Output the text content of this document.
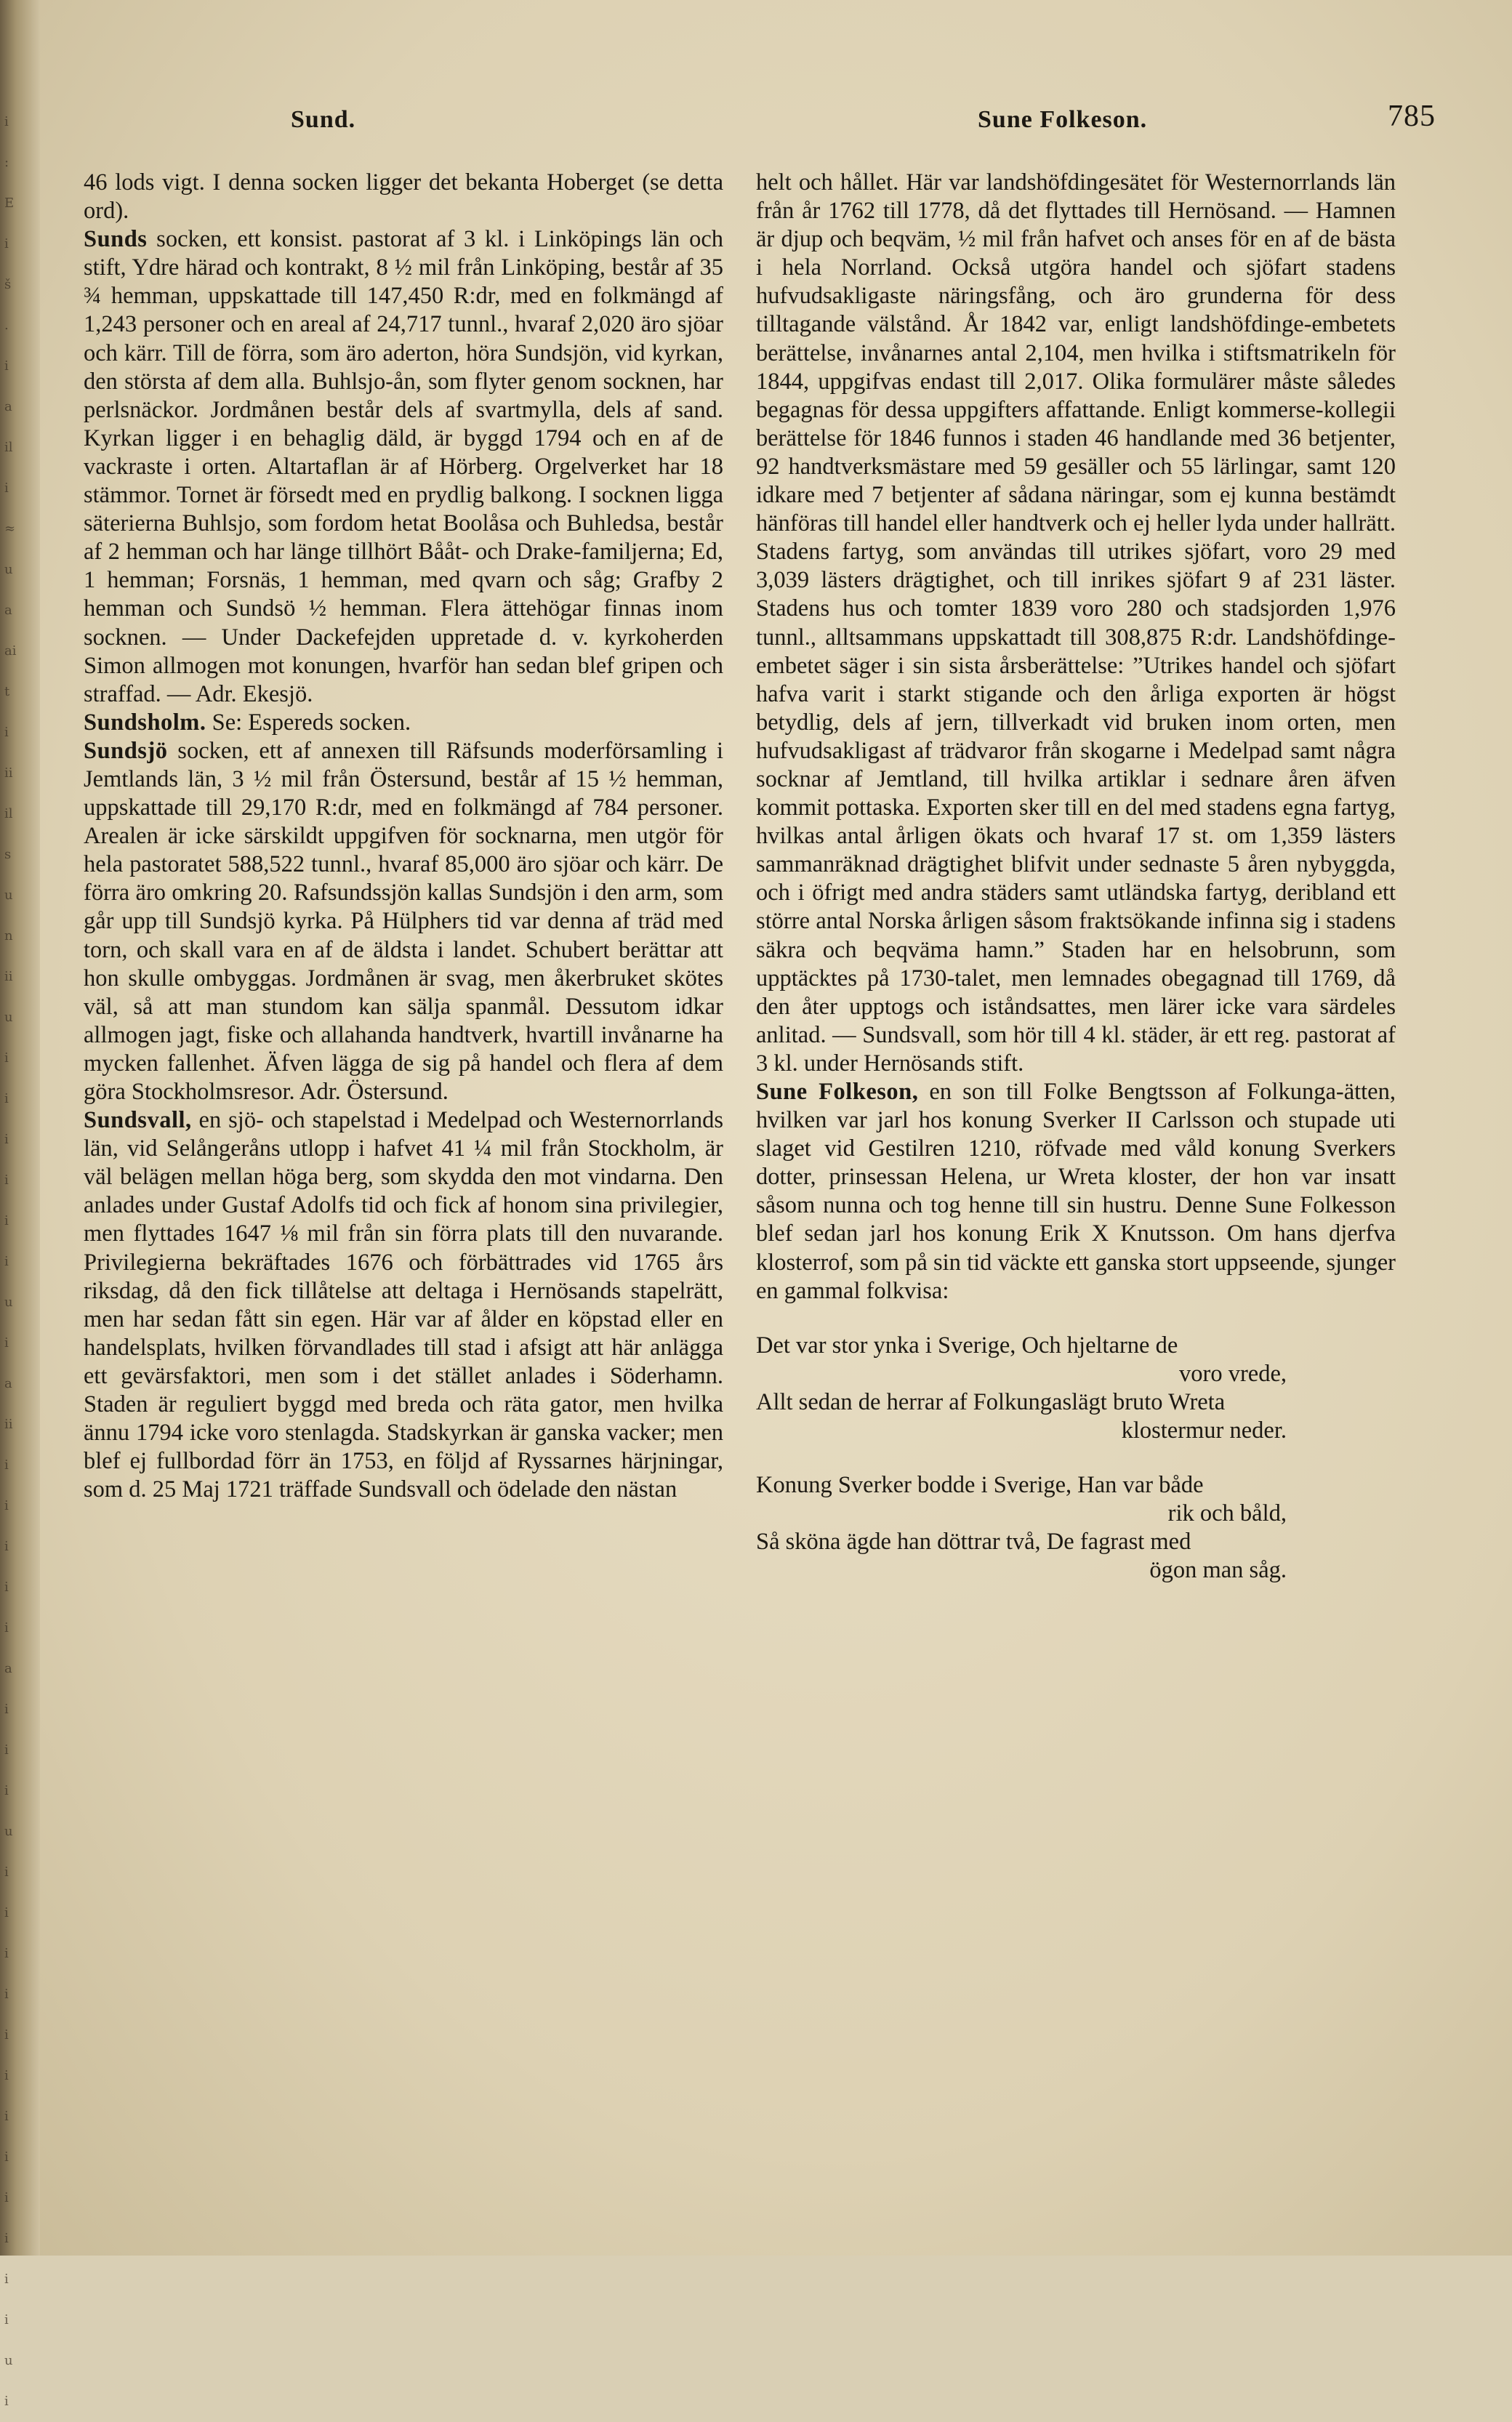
i
:
E
i
š
.
i
a
il
i
≈
u
a
ai
t
i
ii
il
s
u
n
ii
u
i
i
i
i
i
i
u
i
a
ii
i
i
i
i
i
a
i
i
i
u
i
i
i
i
i
i
i
i
i
i
i
i
u
i
Sund.	Sune Folkeson.	785

46 lods vigt. I denna socken ligger det bekanta Hoberget (se detta ord).

Sunds socken, ett konsist. pastorat af 3 kl. i Linköpings län och stift, Ydre härad och kontrakt, 8 ½ mil från Linköping, består af 35 ¾ hemman, uppskattade till 147,450 R:dr, med en folkmängd af 1,243 personer och en areal af 24,717 tunnl., hvaraf 2,020 äro sjöar och kärr. Till de förra, som äro aderton, höra Sundsjön, vid kyrkan, den största af dem alla. Buhlsjo-ån, som flyter genom socknen, har perlsnäckor. Jordmånen består dels af svartmylla, dels af sand. Kyrkan ligger i en behaglig däld, är byggd 1794 och en af de vackraste i orten. Altartaflan är af Hörberg. Orgelverket har 18 stämmor. Tornet är försedt med en prydlig balkong. I socknen ligga säterierna Buhlsjo, som fordom hetat Boolåsa och Buhledsa, består af 2 hemman och har länge tillhört Bååt- och Drake-familjerna; Ed, 1 hemman; Forsnäs, 1 hemman, med qvarn och såg; Grafby 2 hemman och Sundsö ½ hemman. Flera ättehögar finnas inom socknen. — Under Dackefejden uppretade d. v. kyrkoherden Simon allmogen mot konungen, hvarför han sedan blef gripen och straffad. — Adr. Ekesjö.

Sundsholm. Se: Espereds socken.

Sundsjö socken, ett af annexen till Räfsunds moderförsamling i Jemtlands län, 3 ½ mil från Östersund, består af 15 ½ hemman, uppskattade till 29,170 R:dr, med en folkmängd af 784 personer. Arealen är icke särskildt uppgifven för socknarna, men utgör för hela pastoratet 588,522 tunnl., hvaraf 85,000 äro sjöar och kärr. De förra äro omkring 20. Rafsundssjön kallas Sundsjön i den arm, som går upp till Sundsjö kyrka. På Hülphers tid var denna af träd med torn, och skall vara en af de äldsta i landet. Schubert berättar att hon skulle ombyggas. Jordmånen är svag, men åkerbruket skötes väl, så att man stundom kan sälja spanmål. Dessutom idkar allmogen jagt, fiske och allahanda handtverk, hvartill invånarne ha mycken fallenhet. Äfven lägga de sig på handel och flera af dem göra Stockholmsresor. Adr. Östersund.

Sundsvall, en sjö- och stapelstad i Medelpad och Westernorrlands län, vid Selångeråns utlopp i hafvet 41 ¼ mil från Stockholm, är väl belägen mellan höga berg, som skydda den mot vindarna. Den anlades under Gustaf Adolfs tid och fick af honom sina privilegier, men flyttades 1647 ⅛ mil från sin förra plats till den nuvarande. Privilegierna bekräftades 1676 och förbättrades vid 1765 års riksdag, då den fick tillåtelse att deltaga i Hernösands stapelrätt, men har sedan fått sin egen. Här var af ålder en köpstad eller en handelsplats, hvilken förvandlades till stad i afsigt att här anlägga ett gevärsfaktori, men som i det stället anlades i Söderhamn. Staden är reguliert byggd med breda och räta gator, men hvilka ännu 1794 icke voro stenlagda. Stadskyrkan är ganska vacker; men blef ej fullbordad förr än 1753, en följd af Ryssarnes härjningar, som d. 25 Maj 1721 träffade Sundsvall och ödelade den nästan

helt och hållet. Här var landshöfdingesätet för Westernorrlands län från år 1762 till 1778, då det flyttades till Hernösand. — Hamnen är djup och beqväm, ½ mil från hafvet och anses för en af de bästa i hela Norrland. Också utgöra handel och sjöfart stadens hufvudsakligaste näringsfång, och äro grunderna för dess tilltagande välstånd. År 1842 var, enligt landshöfdinge-embetets berättelse, invånarnes antal 2,104, men hvilka i stiftsmatrikeln för 1844, uppgifvas endast till 2,017. Olika formulärer måste således begagnas för dessa uppgifters affattande. Enligt kommerse-kollegii berättelse för 1846 funnos i staden 46 handlande med 36 betjenter, 92 handtverksmästare med 59 gesäller och 55 lärlingar, samt 120 idkare med 7 betjenter af sådana näringar, som ej kunna bestämdt hänföras till handel eller handtverk och ej heller lyda under hallrätt. Stadens fartyg, som användas till utrikes sjöfart, voro 29 med 3,039 lästers drägtighet, och till inrikes sjöfart 9 af 231 läster. Stadens hus och tomter 1839 voro 280 och stadsjorden 1,976 tunnl., alltsammans uppskattadt till 308,875 R:dr. Landshöfdinge-embetet säger i sin sista årsberättelse: ”Utrikes handel och sjöfart hafva varit i starkt stigande och den årliga exporten är högst betydlig, dels af jern, tillverkadt vid bruken inom orten, men hufvudsakligast af trädvaror från skogarne i Medelpad samt några socknar af Jemtland, till hvilka artiklar i sednare åren äfven kommit pottaska. Exporten sker till en del med stadens egna fartyg, hvilkas antal årligen ökats och hvaraf 17 st. om 1,359 lästers sammanräknad drägtighet blifvit under sednaste 5 åren nybyggda, och i öfrigt med andra städers samt utländska fartyg, deribland ett större antal Norska årligen såsom fraktsökande infinna sig i stadens säkra och beqväma hamn.” Staden har en helsobrunn, som upptäcktes på 1730-talet, men lemnades obegagnad till 1769, då den åter upptogs och iståndsattes, men lärer icke vara särdeles anlitad. — Sundsvall, som hör till 4 kl. städer, är ett reg. pastorat af 3 kl. under Hernösands stift.

Sune Folkeson, en son till Folke Bengtsson af Folkunga-ätten, hvilken var jarl hos konung Sverker II Carlsson och stupade uti slaget vid Gestilren 1210, röfvade med våld konung Sverkers dotter, prinsessan Helena, ur Wreta kloster, der hon var insatt såsom nunna och tog henne till sin hustru. Denne Sune Folkesson blef sedan jarl hos konung Erik X Knutsson. Om hans djerfva klosterrof, som på sin tid väckte ett ganska stort uppseende, sjunger en gammal folkvisa:

Det var stor ynka i Sverige, Och hjeltarne de
voro vrede,
Allt sedan de herrar af Folkungaslägt bruto Wreta
klostermur neder.
Konung Sverker bodde i Sverige, Han var både
rik och båld,
Så sköna ägde han döttrar två, De fagrast med
ögon man såg.
